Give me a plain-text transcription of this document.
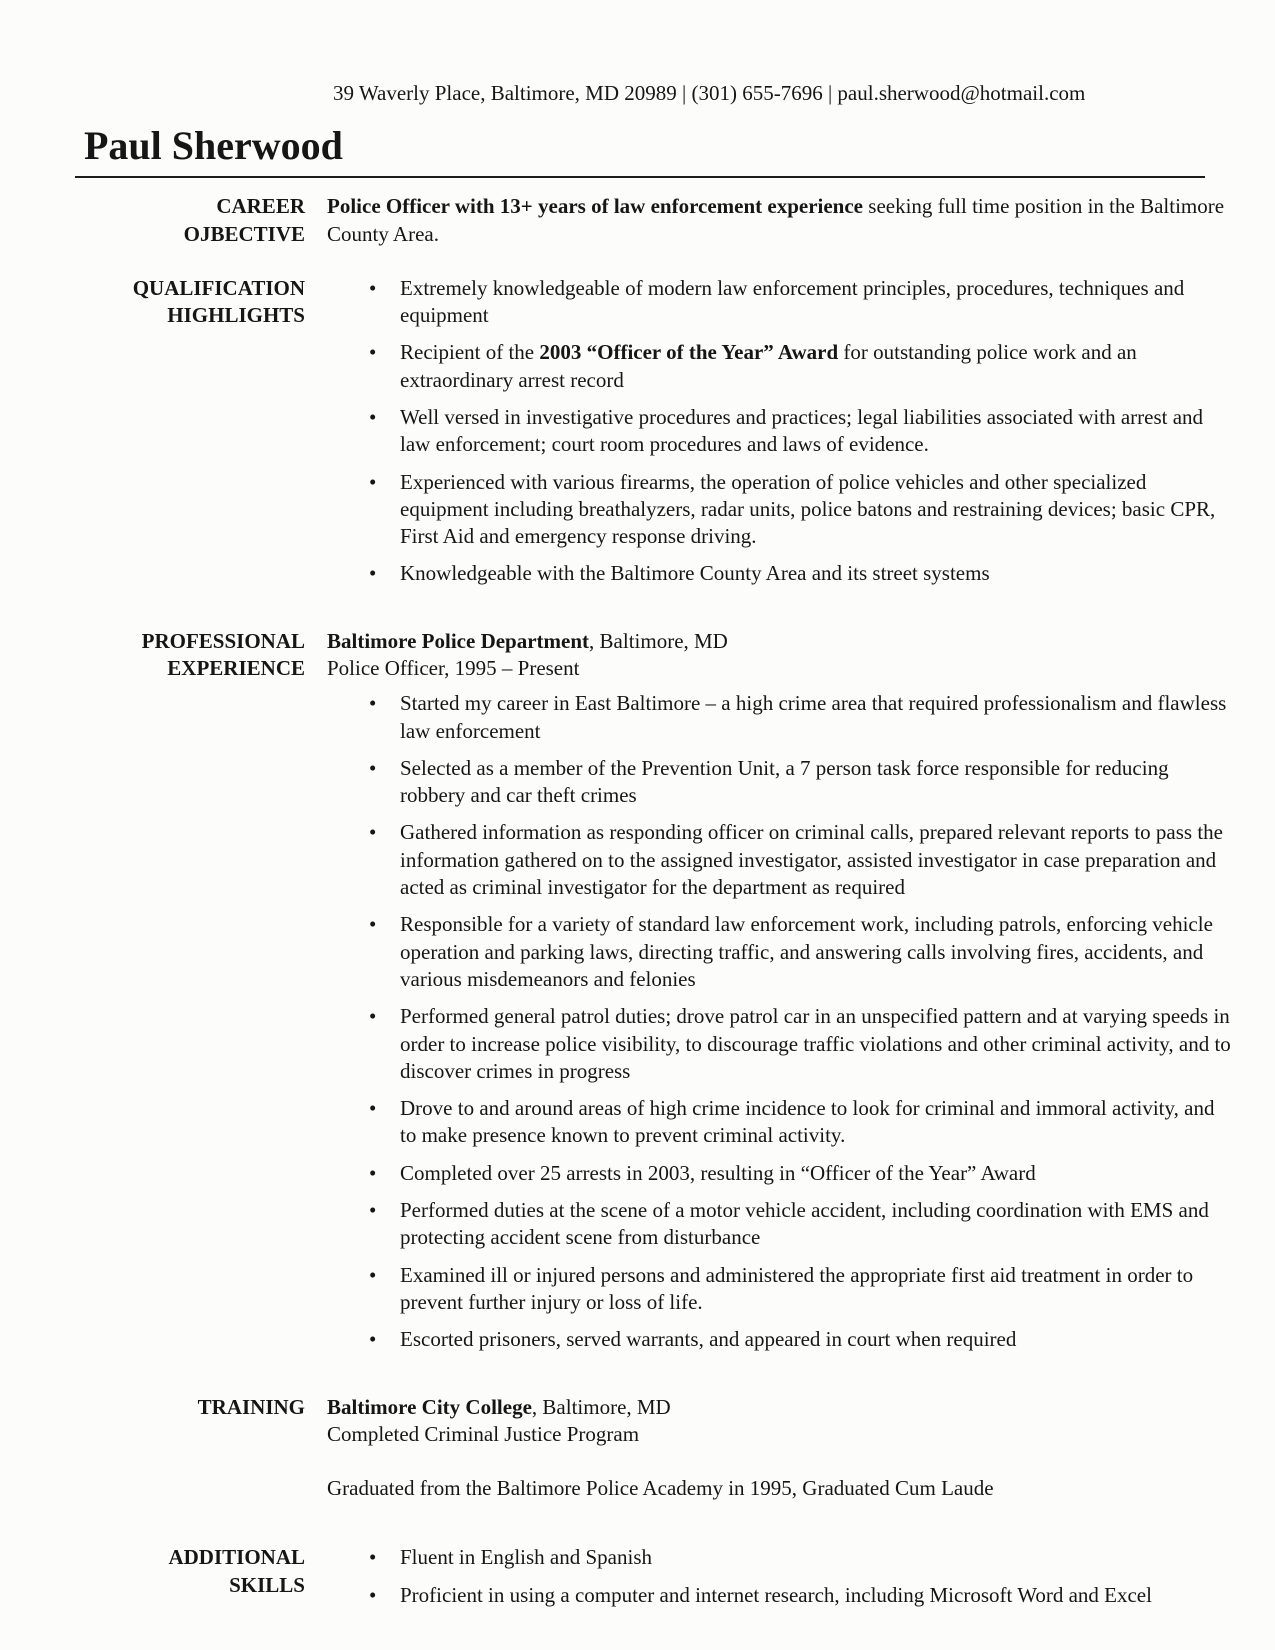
39 Waverly Place, Baltimore, MD 20989 | (301) 655-7696 | paul.sherwood@hotmail.com
Paul Sherwood
CAREER
OJBECTIVE
Police Officer with 13+ years of law enforcement experience seeking full time position in the Baltimore County Area.
QUALIFICATION
HIGHLIGHTS
• Extremely knowledgeable of modern law enforcement principles, procedures, techniques and equipment
• Recipient of the 2003 “Officer of the Year” Award for outstanding police work and an extraordinary arrest record
• Well versed in investigative procedures and practices; legal liabilities associated with arrest and law enforcement; court room procedures and laws of evidence.
• Experienced with various firearms, the operation of police vehicles and other specialized equipment including breathalyzers, radar units, police batons and restraining devices; basic CPR, First Aid and emergency response driving.
• Knowledgeable with the Baltimore County Area and its street systems
PROFESSIONAL
EXPERIENCE
Baltimore Police Department, Baltimore, MD
Police Officer, 1995 – Present
• Started my career in East Baltimore – a high crime area that required professionalism and flawless law enforcement
• Selected as a member of the Prevention Unit, a 7 person task force responsible for reducing robbery and car theft crimes
• Gathered information as responding officer on criminal calls, prepared relevant reports to pass the information gathered on to the assigned investigator, assisted investigator in case preparation and acted as criminal investigator for the department as required
• Responsible for a variety of standard law enforcement work, including patrols, enforcing vehicle operation and parking laws, directing traffic, and answering calls involving fires, accidents, and various misdemeanors and felonies
• Performed general patrol duties; drove patrol car in an unspecified pattern and at varying speeds in order to increase police visibility, to discourage traffic violations and other criminal activity, and to discover crimes in progress
• Drove to and around areas of high crime incidence to look for criminal and immoral activity, and to make presence known to prevent criminal activity.
• Completed over 25 arrests in 2003, resulting in “Officer of the Year” Award
• Performed duties at the scene of a motor vehicle accident, including coordination with EMS and protecting accident scene from disturbance
• Examined ill or injured persons and administered the appropriate first aid treatment in order to prevent further injury or loss of life.
• Escorted prisoners, served warrants, and appeared in court when required
TRAINING Baltimore City College, Baltimore, MD
Completed Criminal Justice Program
Graduated from the Baltimore Police Academy in 1995, Graduated Cum Laude
ADDITIONAL
SKILLS
• Fluent in English and Spanish
• Proficient in using a computer and internet research, including Microsoft Word and Excel
